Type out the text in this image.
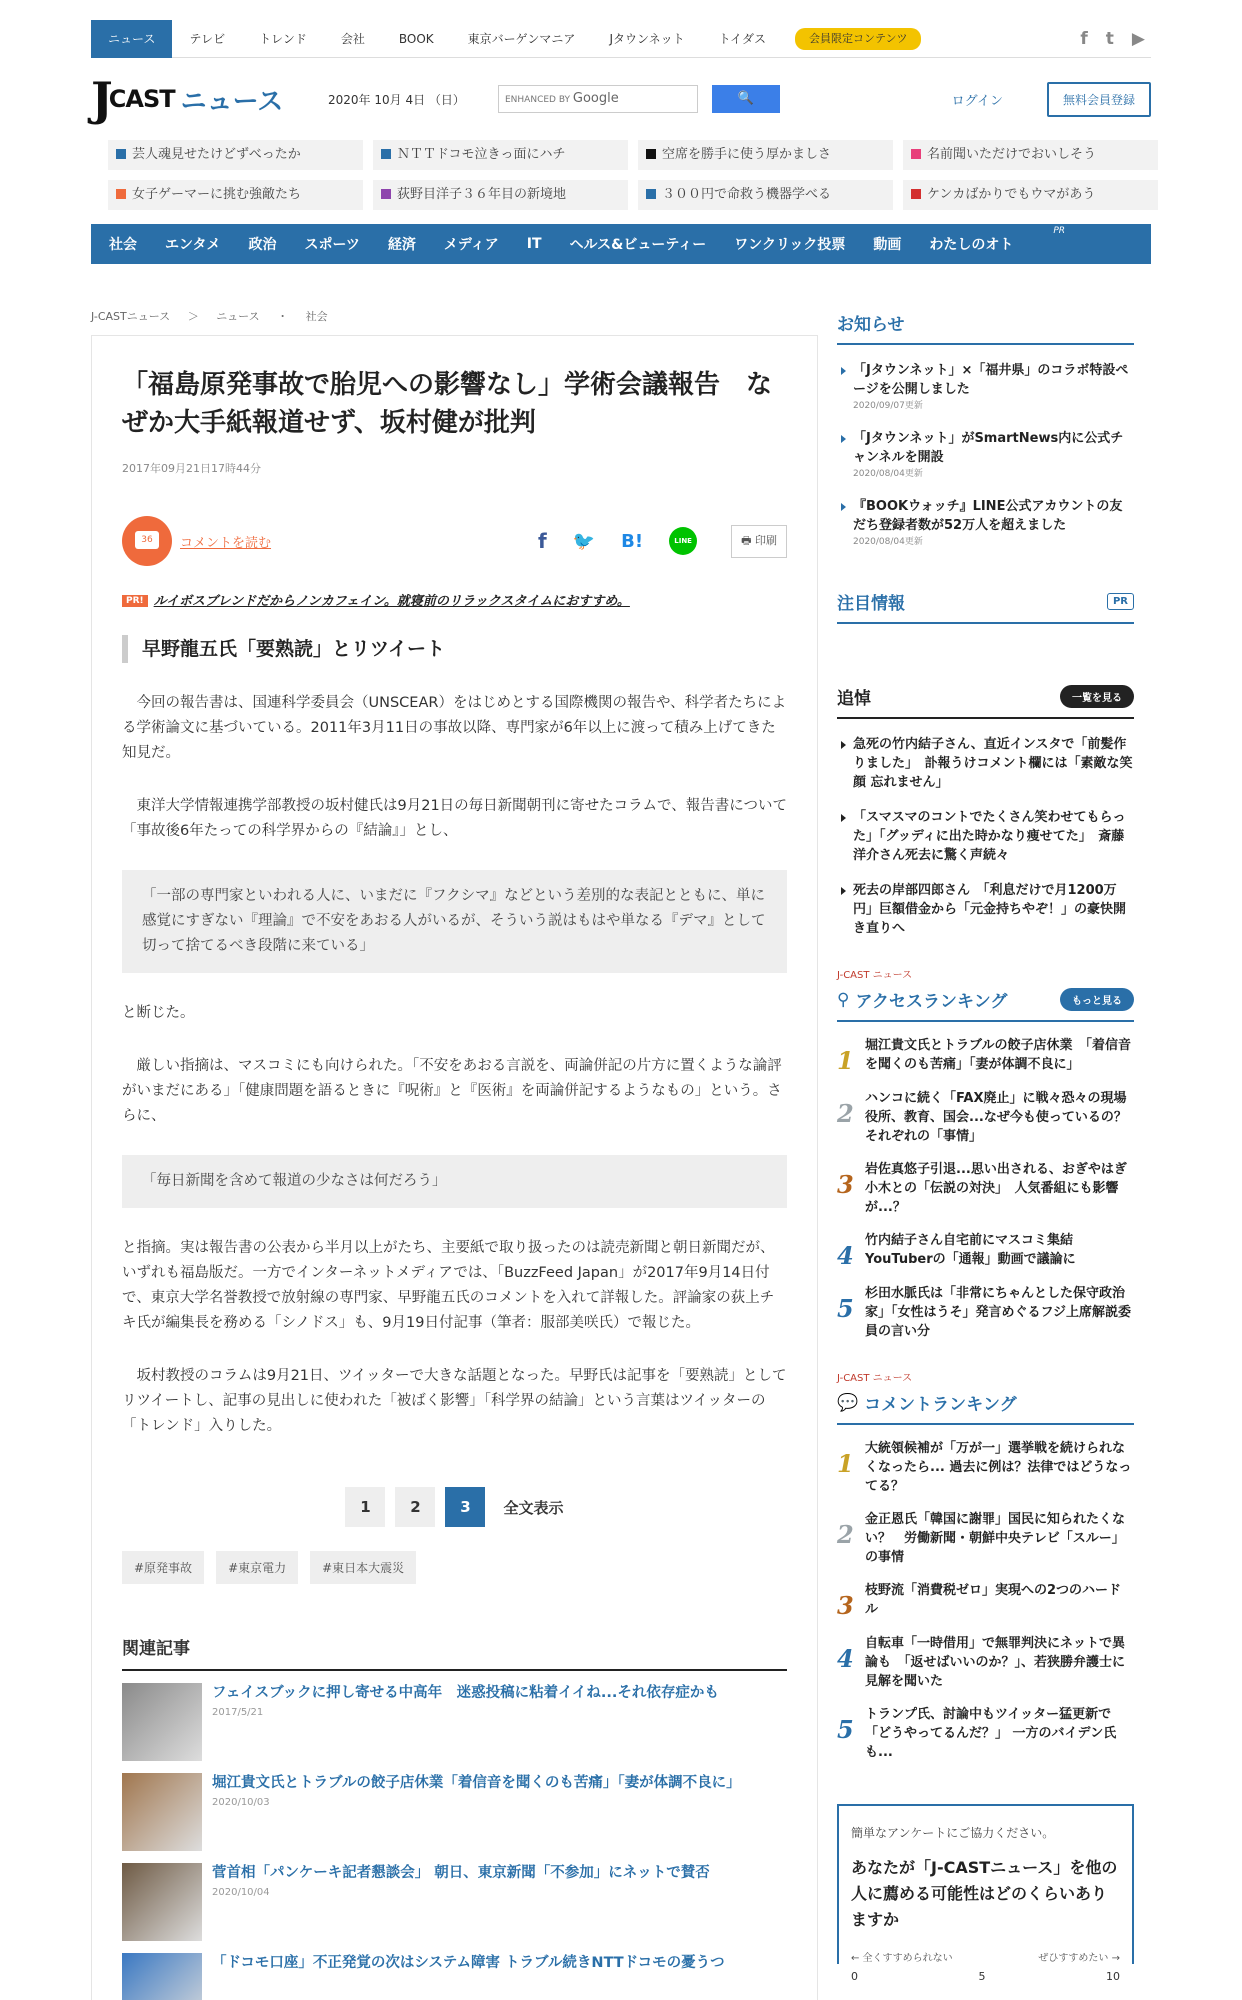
ニュース	テレビ	トレンド	会社	BOOK	東京バーゲンマニア	Jタウンネット	トイダス	会員限定コンテンツ	f t ▶
J
CAST ニュース	2020年 10月 4日 （日）	ENHANCED BY Google	🔍	ログイン	無料会員登録
芸人魂見せたけどずべったか	ＮＴＴドコモ泣きっ面にハチ	空席を勝手に使う厚かましさ	名前聞いただけでおいしそう
女子ゲーマーに挑む強敵たち	荻野目洋子３６年目の新境地	３００円で命救う機器学べる	ケンカばかりでもウマがあう
社会	エンタメ	政治	スポーツ	経済	メディア	IT	ヘルス&ビューティー	ワンクリック投票	動画	わたしのオト
PR
J-CASTニュース ＞ ニュース ・ 社会
「福島原発事故で胎児への影響なし」学術会議報告　なぜか大手紙報道せず、坂村健が批判
2017年09月21日17時44分
36	コメントを読む	f 🐦 B!	LINE	🖶 印刷
PR! ルイボスブレンドだからノンカフェイン。就寝前のリラックスタイムにおすすめ。
早野龍五氏「要熟読」とリツイート

今回の報告書は、国連科学委員会（UNSCEAR）をはじめとする国際機関の報告や、科学者たちによる学術論文に基づいている。2011年3月11日の事故以降、専門家が6年以上に渡って積み上げてきた知見だ。

東洋大学情報連携学部教授の坂村健氏は9月21日の毎日新聞朝刊に寄せたコラムで、報告書について「事故後6年たっての科学界からの『結論』」とし、

「一部の専門家といわれる人に、いまだに『フクシマ』などという差別的な表記とともに、単に感覚にすぎない『理論』で不安をあおる人がいるが、そういう説はもはや単なる『デマ』として切って捨てるべき段階に来ている」

と断じた。

厳しい指摘は、マスコミにも向けられた。「不安をあおる言説を、両論併記の片方に置くような論評がいまだにある」「健康問題を語るときに『呪術』と『医術』を両論併記するようなもの」という。さらに、

「毎日新聞を含めて報道の少なさは何だろう」

と指摘。実は報告書の公表から半月以上がたち、主要紙で取り扱ったのは読売新聞と朝日新聞だが、いずれも福島版だ。一方でインターネットメディアでは、「BuzzFeed Japan」が2017年9月14日付で、東京大学名誉教授で放射線の専門家、早野龍五氏のコメントを入れて詳報した。評論家の荻上チキ氏が編集長を務める「シノドス」も、9月19日付記事（筆者：服部美咲氏）で報じた。

坂村教授のコラムは9月21日、ツイッターで大きな話題となった。早野氏は記事を「要熟読」としてリツイートし、記事の見出しに使われた「被ばく影響」「科学界の結論」という言葉はツイッターの「トレンド」入りした。

1	2	3	全文表示
#原発事故	#東京電力	#東日本大震災
関連記事
フェイスブックに押し寄せる中高年　迷惑投稿に粘着イイね...それ依存症かも
2017/5/21
堀江貴文氏とトラブルの餃子店休業「着信音を聞くのも苦痛」「妻が体調不良に」
2020/10/03
菅首相「パンケーキ記者懇談会」 朝日、東京新聞「不参加」にネットで賛否
2020/10/04
「ドコモ口座」不正発覚の次はシステム障害 トラブル続きNTTドコモの憂うつ
お知らせ
「Jタウンネット」×「福井県」のコラボ特設ページを公開しました
2020/09/07更新
「Jタウンネット」がSmartNews内に公式チャンネルを開設
2020/08/04更新
『BOOKウォッチ』LINE公式アカウントの友だち登録者数が52万人を超えました
2020/08/04更新
注目情報	PR
追悼	一覧を見る
急死の竹内結子さん、直近インスタで「前髪作りました」　訃報うけコメント欄には「素敵な笑顔 忘れません」
「スマスマのコントでたくさん笑わせてもらった」「グッディに出た時かなり痩せてた」　斎藤洋介さん死去に驚く声続々
死去の岸部四郎さん　「利息だけで月1200万円」巨額借金から「元金持ちやぞ！」の豪快開き直りへ
J-CAST ニュース
⚲ アクセスランキング	もっと見る
1
堀江貴文氏とトラブルの餃子店休業　「着信音を聞くのも苦痛」「妻が体調不良に」
2
ハンコに続く「FAX廃止」に戦々恐々の現場　役所、教育、国会...なぜ今も使っているの？それぞれの「事情」
3
岩佐真悠子引退...思い出される、おぎやはぎ小木との「伝説の対決」　人気番組にも影響が...？
4
竹内結子さん自宅前にマスコミ集結　YouTuberの「通報」動画で議論に
5
杉田水脈氏は「非常にちゃんとした保守政治家」「女性はうそ」発言めぐるフジ上席解説委員の言い分
J-CAST ニュース
💬 コメントランキング
1
大統領候補が「万が一」選挙戦を続けられなくなったら... 過去に例は？法律ではどうなってる？
2
金正恩氏「韓国に謝罪」国民に知られたくない？　労働新聞・朝鮮中央テレビ「スルー」の事情
3
枝野流「消費税ゼロ」実現への2つのハードル
4
自転車「一時借用」で無罪判決にネットで異論も　「返せばいいのか？」、若狭勝弁護士に見解を聞いた
5
トランプ氏、討論中もツイッター猛更新で「どうやってるんだ？」 一方のバイデン氏も...
簡単なアンケートにご協力ください。
あなたが「J-CASTニュース」を他の人に薦める可能性はどのくらいありますか
← 全くすすめられない	ぜひすすめたい →
0	5	10
